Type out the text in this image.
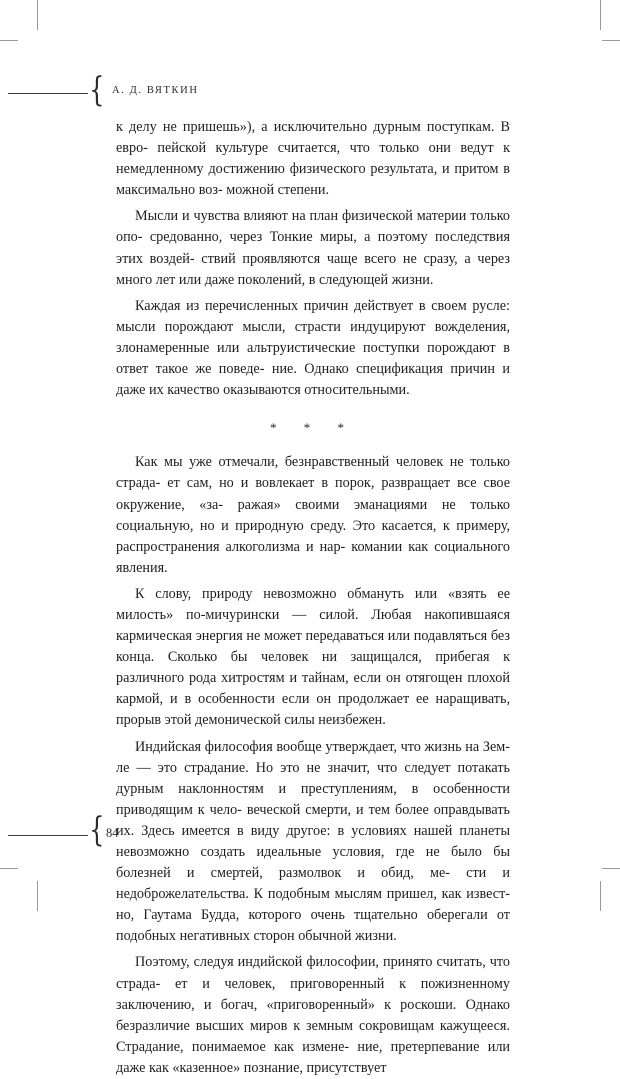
{ А. Д. ВЯТКИН

к делу не пришешь»), а исключительно дурным поступкам. В евро- пейской культуре считается, что только они ведут к немедленному достижению физического результата, и притом в максимально воз- можной степени.

Мысли и чувства влияют на план физической материи только опо- средованно, через Тонкие миры, а поэтому последствия этих воздей- ствий проявляются чаще всего не сразу, а через много лет или даже поколений, в следующей жизни.

Каждая из перечисленных причин действует в своем русле: мысли порождают мысли, страсти индуцируют вожделения, злонамеренные или альтруистические поступки порождают в ответ такое же поведе- ние. Однако спецификация причин и даже их качество оказываются относительными.

* * *

Как мы уже отмечали, безнравственный человек не только страда- ет сам, но и вовлекает в порок, развращает все свое окружение, «за- ражая» своими эманациями не только социальную, но и природную среду. Это касается, к примеру, распространения алкоголизма и нар- комании как социального явления.

К слову, природу невозможно обмануть или «взять ее милость» по-мичурински — силой. Любая накопившаяся кармическая энергия не может передаваться или подавляться без конца. Сколько бы человек ни защищался, прибегая к различного рода хитростям и тайнам, если он отягощен плохой кармой, и в особенности если он продолжает ее наращивать, прорыв этой демонической силы неизбежен.

Индийская философия вообще утверждает, что жизнь на Зем- ле — это страдание. Но это не значит, что следует потакать дурным наклонностям и преступлениям, в особенности приводящим к чело- веческой смерти, и тем более оправдывать их. Здесь имеется в виду другое: в условиях нашей планеты невозможно создать идеальные условия, где не было бы болезней и смертей, размолвок и обид, ме- сти и недоброжелательства. К подобным мыслям пришел, как извест- но, Гаутама Будда, которого очень тщательно оберегали от подобных негативных сторон обычной жизни.

Поэтому, следуя индийской философии, принято считать, что страда- ет и человек, приговоренный к пожизненному заключению, и богач, «приговоренный» к роскоши. Однако безразличие высших миров к земным сокровищам кажущееся. Страдание, понимаемое как измене- ние, претерпевание или даже как «казенное» познание, присутствует

{ 84
